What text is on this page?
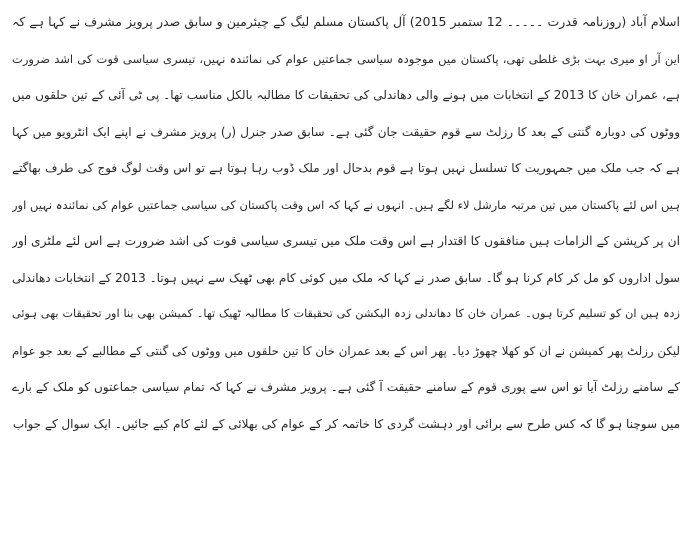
اسلام آباد (روزنامہ قدرت ۔۔۔۔۔ 12 ستمبر 2015) آل پاکستان مسلم لیگ کے چیئرمین و سابق صدر پرویز مشرف نے کہا ہے کہ
این آر او میری بہت بڑی غلطی تھی، پاکستان میں موجودہ سیاسی جماعتیں عوام کی نمائندہ نہیں، تیسری سیاسی قوت کی اشد ضرورت
ہے، عمران خان کا 2013 کے انتخابات میں ہونے والی دھاندلی کی تحقیقات کا مطالبہ بالکل مناسب تھا۔ پی ٹی آئی کے تین حلقوں میں
ووٹوں کی دوبارہ گنتی کے بعد کا رزلٹ سے قوم حقیقت جان گئی ہے۔ سابق صدر جنرل (ر) پرویز مشرف نے اپنے ایک انٹرویو میں کہا
ہے کہ جب ملک میں جمہوریت کا تسلسل نہیں ہوتا ہے قوم بدحال اور ملک ڈوب رہا ہوتا ہے تو اس وقت لوگ فوج کی طرف بھاگتے
ہیں اس لئے پاکستان میں تین مرتبہ مارشل لاء لگے ہیں۔ انہوں نے کہا کہ اس وقت پاکستان کی سیاسی جماعتیں عوام کی نمائندہ نہیں اور
ان پر کرپشن کے الزامات ہیں منافقوں کا اقتدار ہے اس وقت ملک میں تیسری سیاسی قوت کی اشد ضرورت ہے اس لئے ملٹری اور
سول اداروں کو مل کر کام کرنا ہو گا۔ سابق صدر نے کہا کہ ملک میں کوئی کام بھی ٹھیک سے نہیں ہوتا۔ 2013 کے انتخابات دھاندلی
زدہ ہیں ان کو تسلیم کرتا ہوں۔ عمران خان کا دھاندلی زدہ الیکشن کی تحقیقات کا مطالبہ ٹھیک تھا۔ کمیشن بھی بنا اور تحقیقات بھی ہوئی
لیکن رزلٹ پھر کمیشن نے ان کو کھلا چھوڑ دیا۔ پھر اس کے بعد عمران خان کا تین حلقوں میں ووٹوں کی گنتی کے مطالبے کے بعد جو عوام
کے سامنے رزلٹ آیا تو اس سے پوری قوم کے سامنے حقیقت آ گئی ہے۔ پرویز مشرف نے کہا کہ تمام سیاسی جماعتوں کو ملک کے بارے
میں سوچنا ہو گا کہ کس طرح سے برائی اور دہشت گردی کا خاتمہ کر کے عوام کی بھلائی کے لئے کام کیے جائیں۔ ایک سوال کے جواب
